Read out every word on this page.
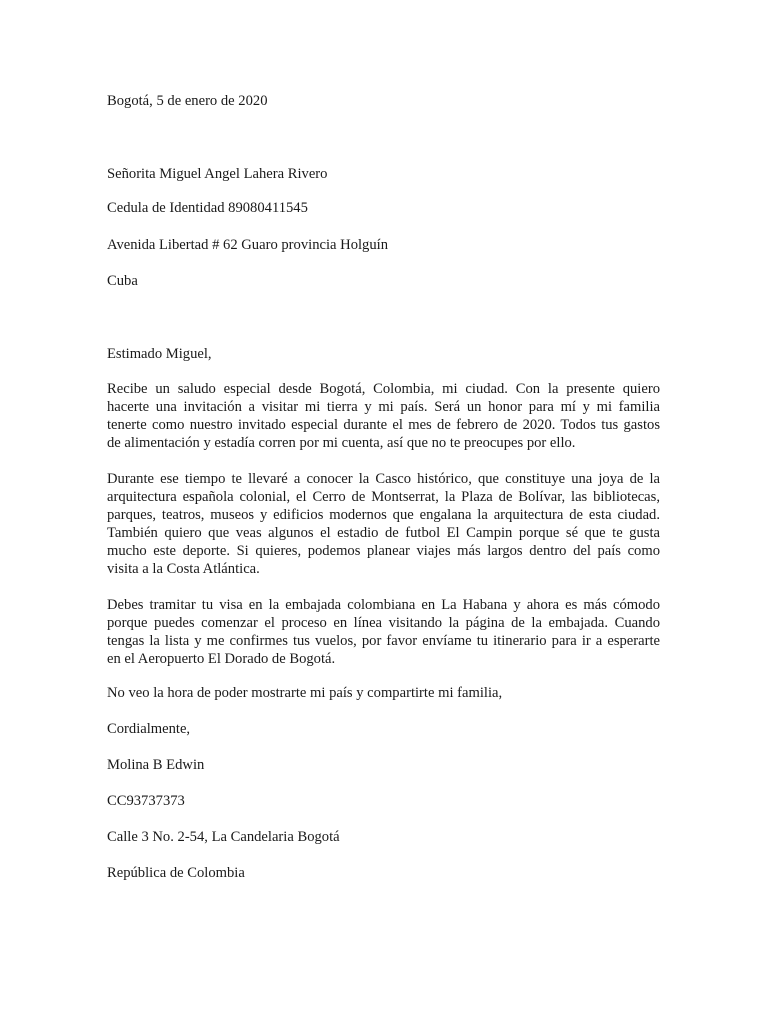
Bogotá, 5 de enero de 2020
Señorita Miguel Angel Lahera Rivero
Cedula de Identidad 89080411545
Avenida Libertad # 62 Guaro provincia Holguín
Cuba
Estimado Miguel,
Recibe un saludo especial desde Bogotá, Colombia, mi ciudad. Con la presente quiero
hacerte una invitación a visitar mi tierra y mi país. Será un honor para mí y mi familia
tenerte como nuestro invitado especial durante el mes de febrero de 2020. Todos tus gastos
de alimentación y estadía corren por mi cuenta, así que no te preocupes por ello.
Durante ese tiempo te llevaré a conocer la Casco histórico, que constituye una joya de la
arquitectura española colonial, el Cerro de Montserrat, la Plaza de Bolívar, las bibliotecas,
parques, teatros, museos y edificios modernos que engalana la arquitectura de esta ciudad.
También quiero que veas algunos el estadio de futbol El Campin porque sé que te gusta
mucho este deporte. Si quieres, podemos planear viajes más largos dentro del país como
visita a la Costa Atlántica.
Debes tramitar tu visa en la embajada colombiana en La Habana y ahora es más cómodo
porque puedes comenzar el proceso en línea visitando la página de la embajada. Cuando
tengas la lista y me confirmes tus vuelos, por favor envíame tu itinerario para ir a esperarte
en el Aeropuerto El Dorado de Bogotá.
No veo la hora de poder mostrarte mi país y compartirte mi familia,
Cordialmente,
Molina B Edwin
CC93737373
Calle 3 No. 2-54, La Candelaria Bogotá
República de Colombia
